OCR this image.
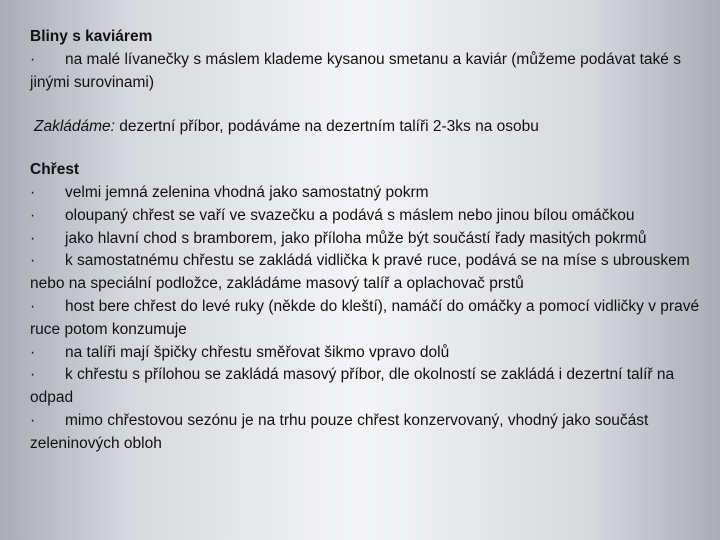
Bliny s kaviárem
· na malé lívanečky s máslem klademe kysanou smetanu a kaviár (můžeme podávat také s jinými surovinami)
Zakládáme: dezertní příbor, podáváme na dezertním talíři 2-3ks na osobu
Chřest
· velmi jemná zelenina vhodná jako samostatný pokrm
· oloupaný chřest se vaří ve svazečku a podává s máslem nebo jinou bílou omáčkou
· jako hlavní chod s bramborem, jako příloha může být součástí řady masitých pokrmů
· k samostatnému chřestu se zakládá vidlička k pravé ruce, podává se na míse s ubrouskem nebo na speciální podložce, zakládáme masový talíř a oplachovač prstů
· host bere chřest do levé ruky (někde do kleští), namáčí do omáčky a pomocí vidličky v pravé ruce potom konzumuje
· na talíři mají špičky chřestu směřovat šikmo vpravo dolů
· k chřestu s přílohou se zakládá masový příbor, dle okolností se zakládá i dezertní talíř na odpad
· mimo chřestovou sezónu je na trhu pouze chřest konzervovaný, vhodný jako součást zeleninových obloh
